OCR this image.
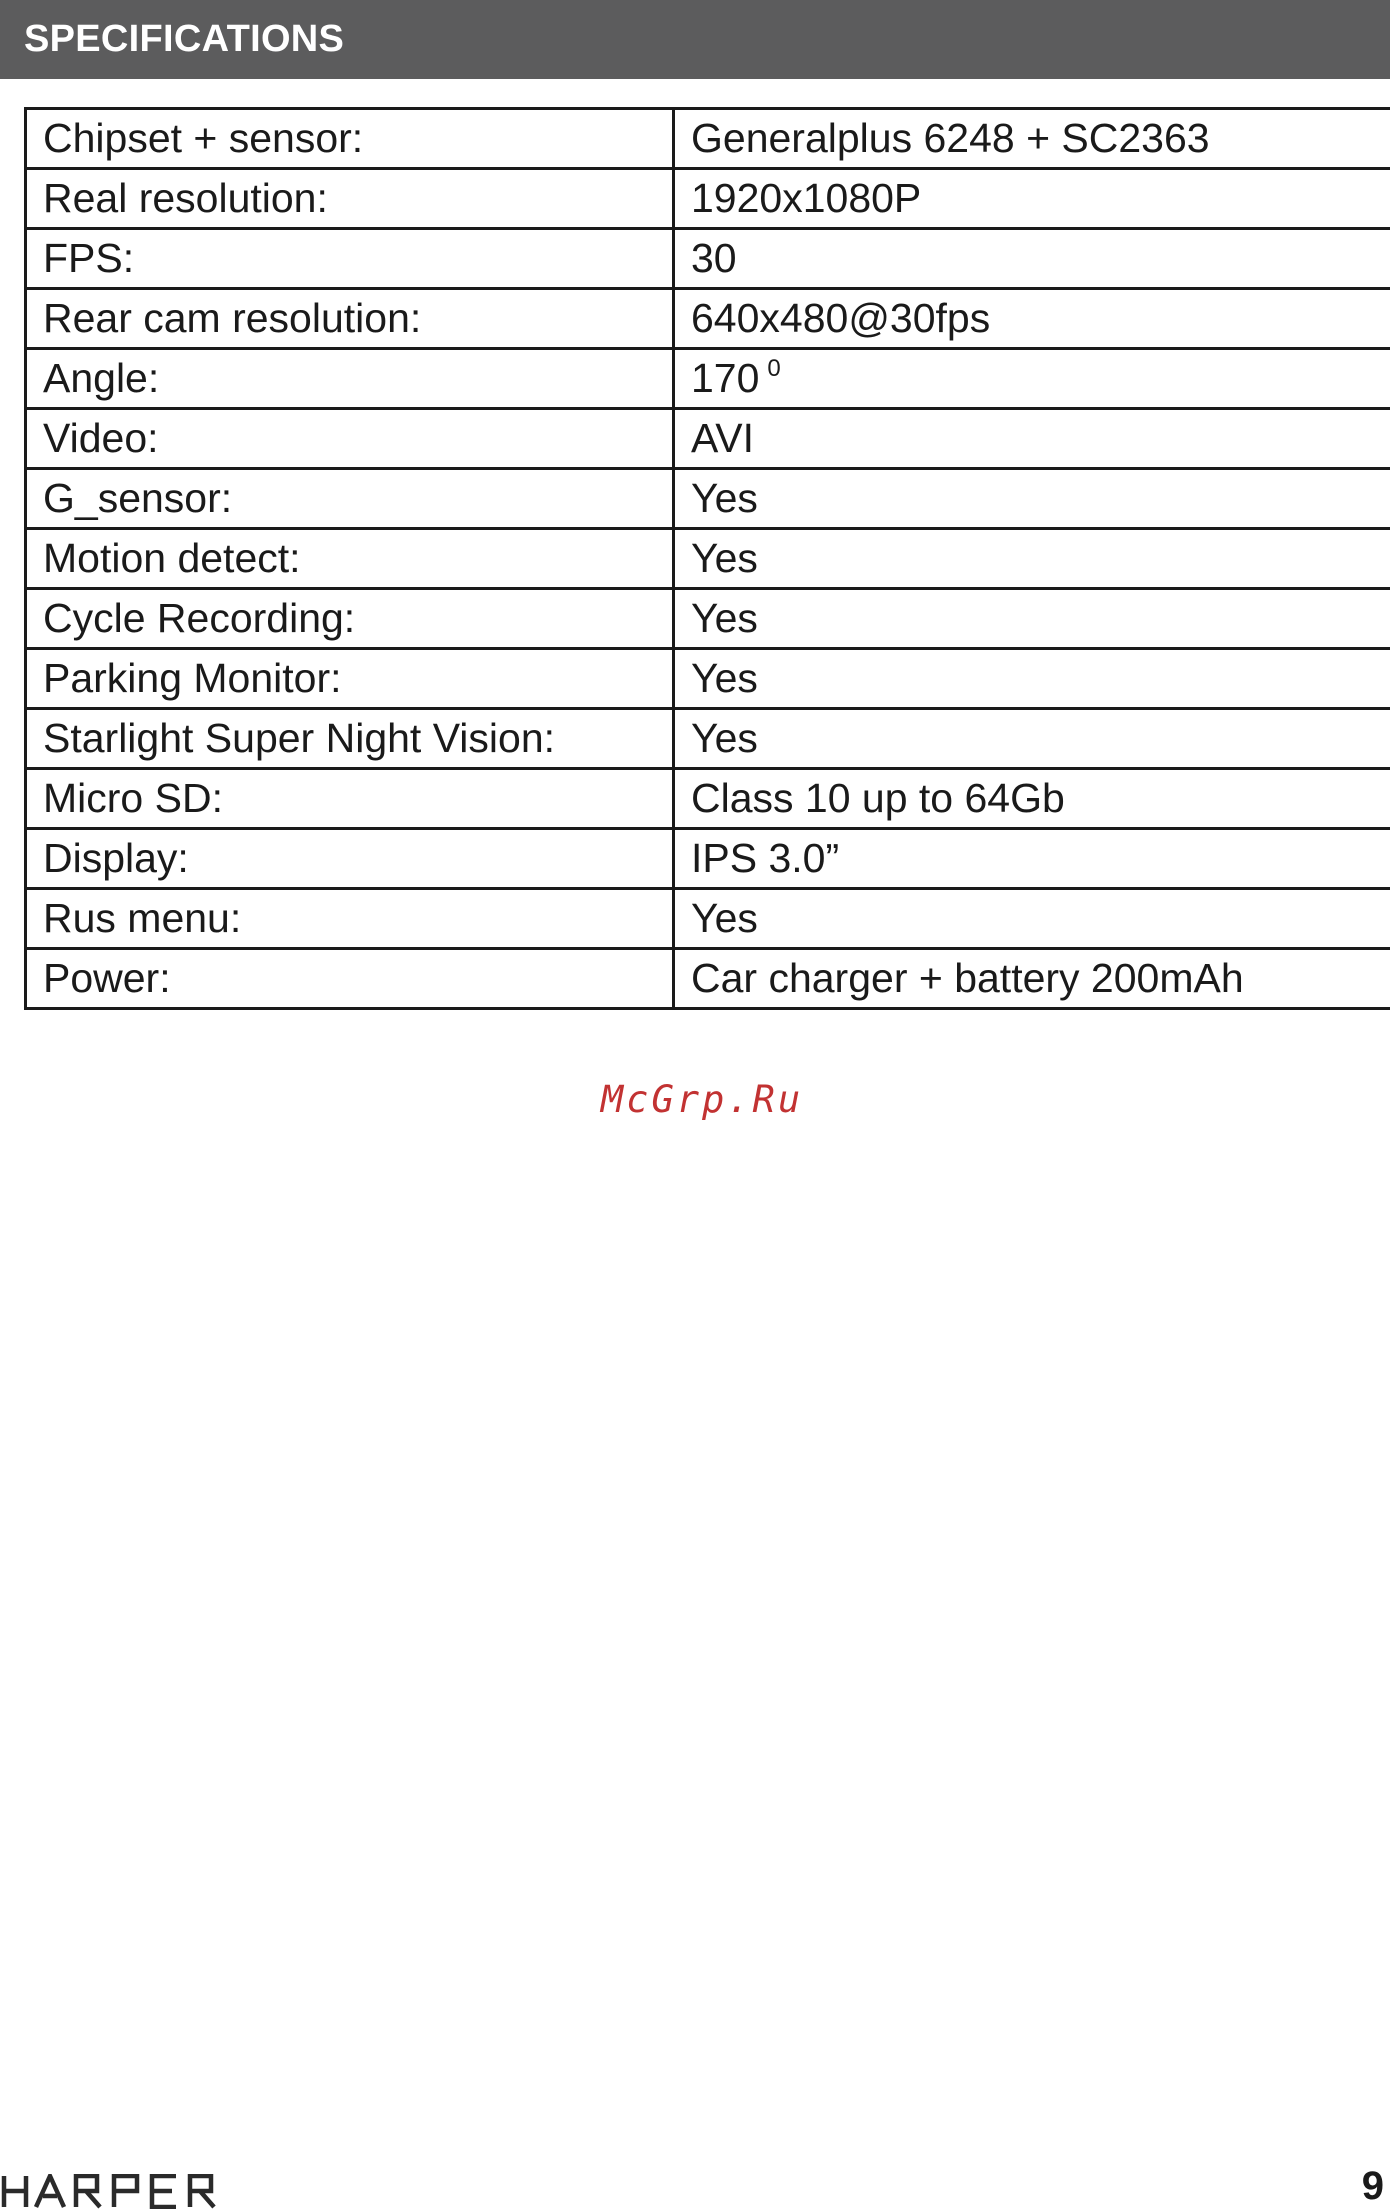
SPECIFICATIONS
Chipset + sensor:	Generalplus 6248 + SC2363
Real resolution:	1920x1080P
FPS:	30
Rear cam resolution:	640x480@30fps
Angle:	170 $^0$
Video:	AVI
G_sensor:	Yes
Motion detect:	Yes
Cycle Recording:	Yes
Parking Monitor:	Yes
Starlight Super Night Vision:	Yes
Micro SD:	Class 10 up to 64Gb
Display:	IPS 3.0”
Rus menu:	Yes
Power:	Car charger + battery 200mAh
McGrp.Ru
9
